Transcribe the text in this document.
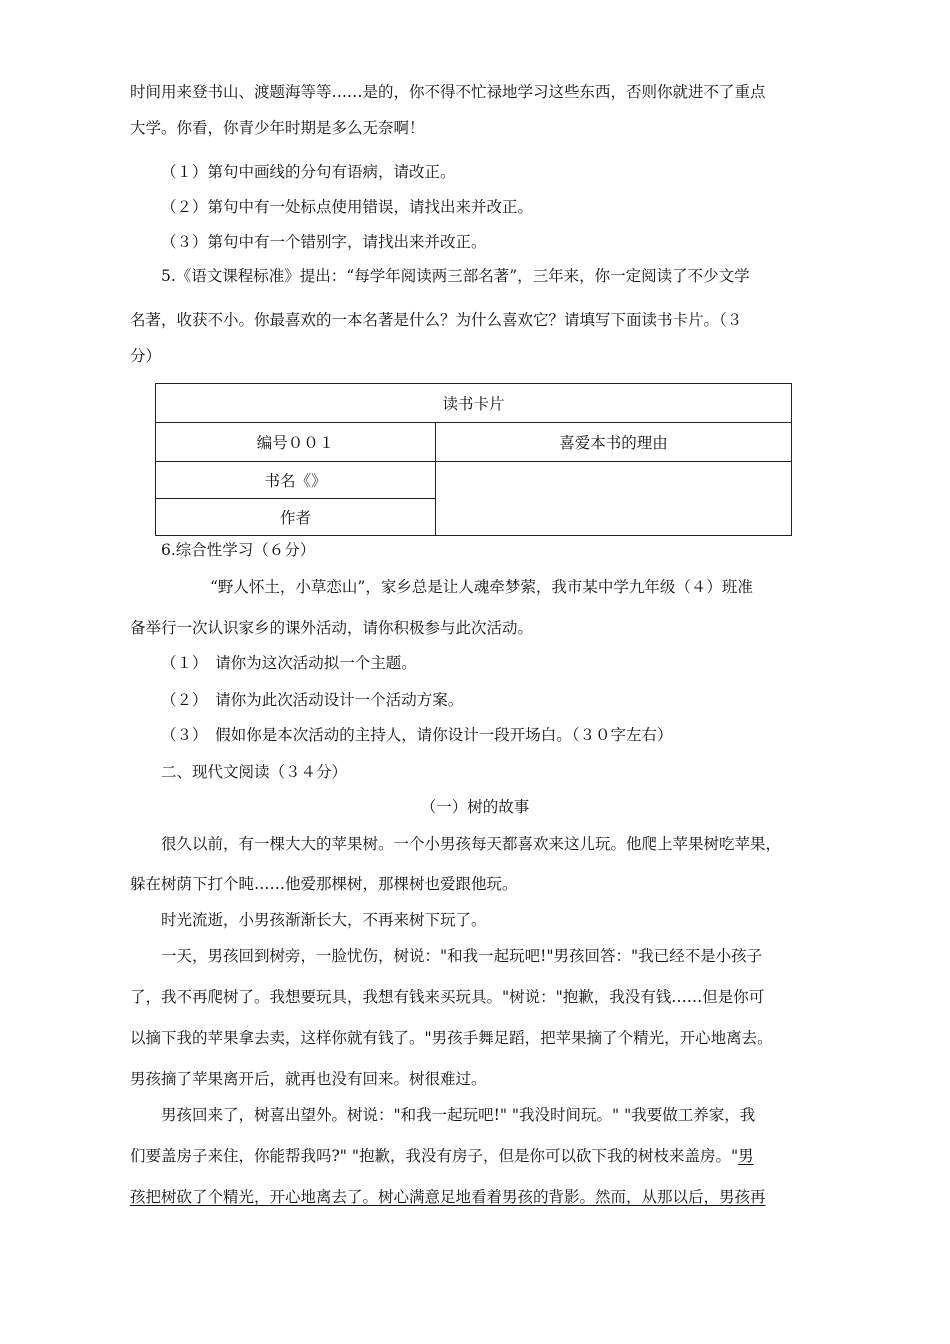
时间用来登书山、渡题海等等……是的，你不得不忙禄地学习这些东西，否则你就进不了重点
大学。你看，你青少年时期是多么无奈啊！
（１）第句中画线的分句有语病，请改正。
（２）第句中有一处标点使用错误，请找出来并改正。
（３）第句中有一个错别字，请找出来并改正。
5.《语文课程标准》提出：“每学年阅读两三部名著”，三年来，你一定阅读了不少文学
名著，收获不小。你最喜欢的一本名著是什么？为什么喜欢它？请填写下面读书卡片。（３
分）
读书卡片
编号００１	喜爱本书的理由
书名《》
作者
6.综合性学习（６分）
“野人怀土，小草恋山”，家乡总是让人魂牵梦萦，我市某中学九年级（４）班准
备举行一次认识家乡的课外活动，请你积极参与此次活动。
（１）　请你为这次活动拟一个主题。
（２）　请你为此次活动设计一个活动方案。
（３）　假如你是本次活动的主持人，请你设计一段开场白。（３０字左右）
二、现代文阅读（３４分）
（一）树的故事
很久以前，有一棵大大的苹果树。一个小男孩每天都喜欢来这儿玩。他爬上苹果树吃苹果，
躲在树荫下打个盹……他爱那棵树，那棵树也爱跟他玩。
时光流逝，小男孩渐渐长大，不再来树下玩了。
一天，男孩回到树旁，一脸忧伤，树说："和我一起玩吧!"男孩回答："我已经不是小孩子
了，我不再爬树了。我想要玩具，我想有钱来买玩具。"树说："抱歉，我没有钱……但是你可
以摘下我的苹果拿去卖，这样你就有钱了。"男孩手舞足蹈，把苹果摘了个精光，开心地离去。
男孩摘了苹果离开后，就再也没有回来。树很难过。
男孩回来了，树喜出望外。树说："和我一起玩吧!" "我没时间玩。" "我要做工养家，我
们要盖房子来住，你能帮我吗?" "抱歉，我没有房子，但是你可以砍下我的树枝来盖房。"男
孩把树砍了个精光，开心地离去了。树心满意足地看着男孩的背影。然而，从那以后，男孩再
